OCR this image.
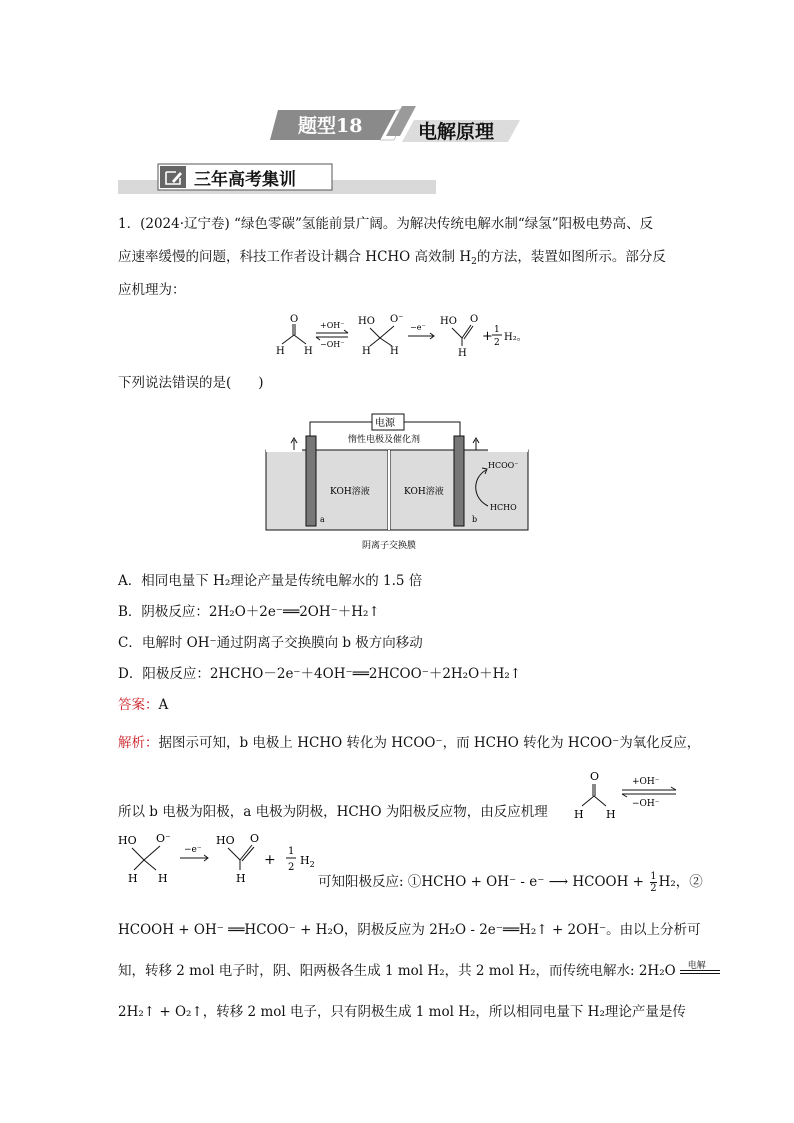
题型18	电解原理
三年高考集训
1．(2024·辽宁卷) “绿色零碳”氢能前景广阔。为解决传统电解水制“绿氢”阳极电势高、反
应速率缓慢的问题，科技工作者设计耦合 HCHO 高效制 $H_2$的方法，装置如图所示。部分反
应机理为：
O
H H
+OH⁻
−OH⁻
HO O⁻
H H
−e⁻
HO O
H
+ 1
2 H₂。
下列说法错误的是(　　)
电源
惰性电极及催化剂
KOH溶液	KOH溶液
a	b
HCOO⁻
HCHO
阴离子交换膜
A．相同电量下 H₂理论产量是传统电解水的 1.5 倍
B．阴极反应：2H₂O＋2e⁻══2OH⁻＋H₂↑
C．电解时 OH⁻通过阴离子交换膜向 b 极方向移动
D．阳极反应：2HCHO－2e⁻＋4OH⁻══2HCOO⁻＋2H₂O＋H₂↑
答案：A
解析：据图示可知，b 电极上 HCHO 转化为 HCOO⁻，而 HCHO 转化为 HCOO⁻为氧化反应，
所以 b 电极为阳极，a 电极为阴极，HCHO 为阳极反应物，由反应机理
O
H H
+OH⁻
−OH⁻
HO O⁻
H H
−e⁻
HO O
H
+
1
2
$H_2$
可知阳极反应: ①HCHO + OH⁻ - e⁻ ⟶ HCOOH + $\frac{1}{2} H_2$，②
HCOOH + OH⁻ ══HCOO⁻ + H₂O，阴极反应为 2H₂O - 2e⁻══H₂↑ + 2OH⁻。由以上分析可
知，转移 2 mol 电子时，阴、阳两极各生成 1 mol H₂，共 2 mol H₂，而传统电解水: 2H₂O 电解
2H₂↑ + O₂↑，转移 2 mol 电子，只有阴极生成 1 mol H₂，所以相同电量下 H₂理论产量是传
